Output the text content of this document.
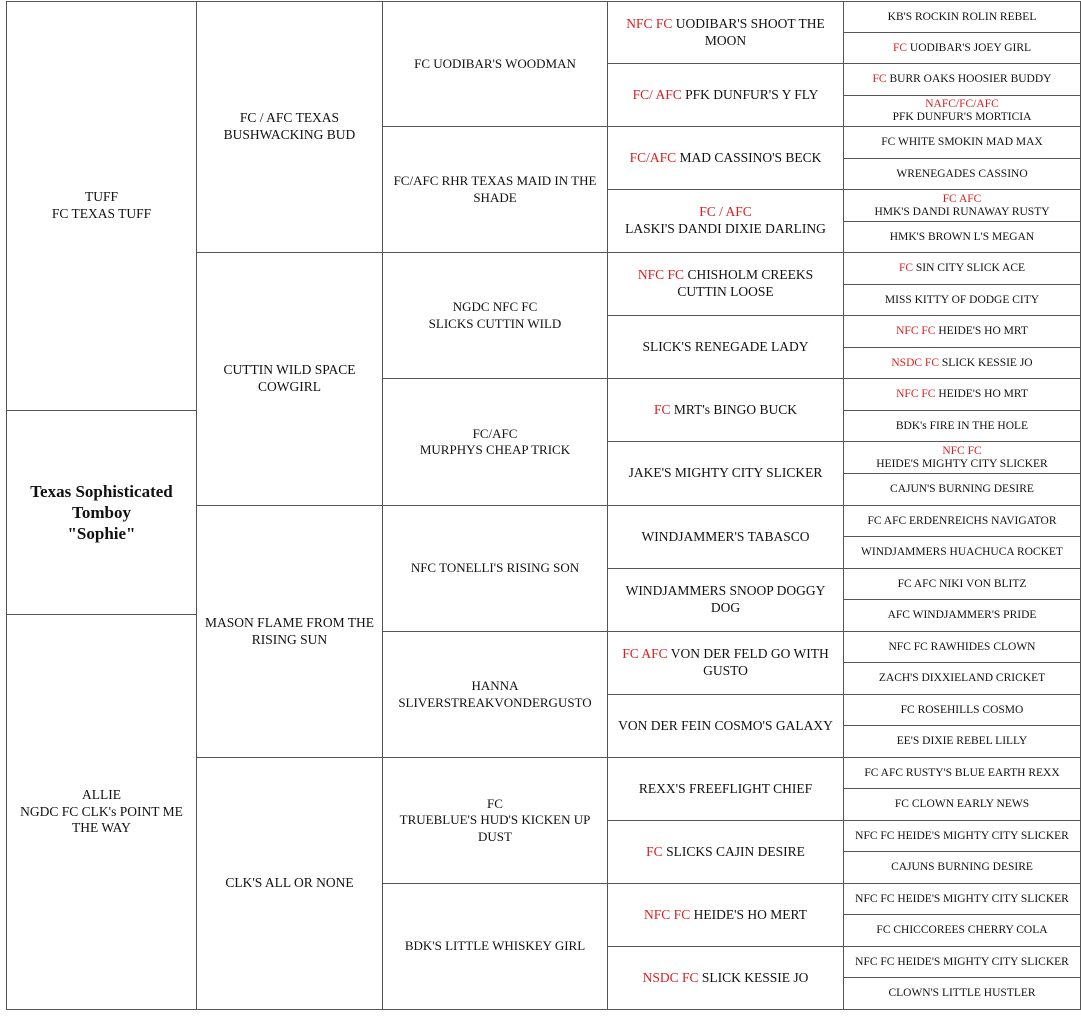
TUFF
FC TEXAS TUFF
Texas Sophisticated
Tomboy
"Sophie"
ALLIE
NGDC FC CLK's POINT ME THE WAY
FC / AFC TEXAS BUSHWACKING BUD
CUTTIN WILD SPACE COWGIRL
MASON FLAME FROM THE RISING SUN
CLK'S ALL OR NONE
FC UODIBAR'S WOODMAN
FC/AFC RHR TEXAS MAID IN THE SHADE
NGDC NFC FC
SLICKS CUTTIN WILD
FC/AFC
MURPHYS CHEAP TRICK
NFC TONELLI'S RISING SON
HANNA
SLIVERSTREAKVONDERGUSTO
FC
TRUEBLUE'S HUD'S KICKEN UP DUST
BDK'S LITTLE WHISKEY GIRL
NFC FC UODIBAR'S SHOOT THE MOON
FC/ AFC PFK DUNFUR'S Y FLY
FC/AFC MAD CASSINO'S BECK
FC / AFC
LASKI'S DANDI DIXIE DARLING
NFC FC CHISHOLM CREEKS CUTTIN LOOSE
SLICK'S RENEGADE LADY
FC MRT's BINGO BUCK
JAKE'S MIGHTY CITY SLICKER
WINDJAMMER'S TABASCO
WINDJAMMERS SNOOP DOGGY DOG
FC AFC VON DER FELD GO WITH GUSTO
VON DER FEIN COSMO'S GALAXY
REXX'S FREEFLIGHT CHIEF
FC SLICKS CAJIN DESIRE
NFC FC HEIDE'S HO MERT
NSDC FC SLICK KESSIE JO
KB'S ROCKIN ROLIN REBEL
FC UODIBAR'S JOEY GIRL
FC BURR OAKS HOOSIER BUDDY
NAFC/FC/AFC
PFK DUNFUR'S MORTICIA
FC WHITE SMOKIN MAD MAX
WRENEGADES CASSINO
FC AFC
HMK'S DANDI RUNAWAY RUSTY
HMK'S BROWN L'S MEGAN
FC SIN CITY SLICK ACE
MISS KITTY OF DODGE CITY
NFC FC HEIDE'S HO MRT
NSDC FC SLICK KESSIE JO
NFC FC HEIDE'S HO MRT
BDK's FIRE IN THE HOLE
NFC FC
HEIDE'S MIGHTY CITY SLICKER
CAJUN'S BURNING DESIRE
FC AFC ERDENREICHS NAVIGATOR
WINDJAMMERS HUACHUCA ROCKET
FC AFC NIKI VON BLITZ
AFC WINDJAMMER'S PRIDE
NFC FC RAWHIDES CLOWN
ZACH'S DIXXIELAND CRICKET
FC ROSEHILLS COSMO
EE'S DIXIE REBEL LILLY
FC AFC RUSTY'S BLUE EARTH REXX
FC CLOWN EARLY NEWS
NFC FC HEIDE'S MIGHTY CITY SLICKER
CAJUNS BURNING DESIRE
NFC FC HEIDE'S MIGHTY CITY SLICKER
FC CHICCOREES CHERRY COLA
NFC FC HEIDE'S MIGHTY CITY SLICKER
CLOWN'S LITTLE HUSTLER
